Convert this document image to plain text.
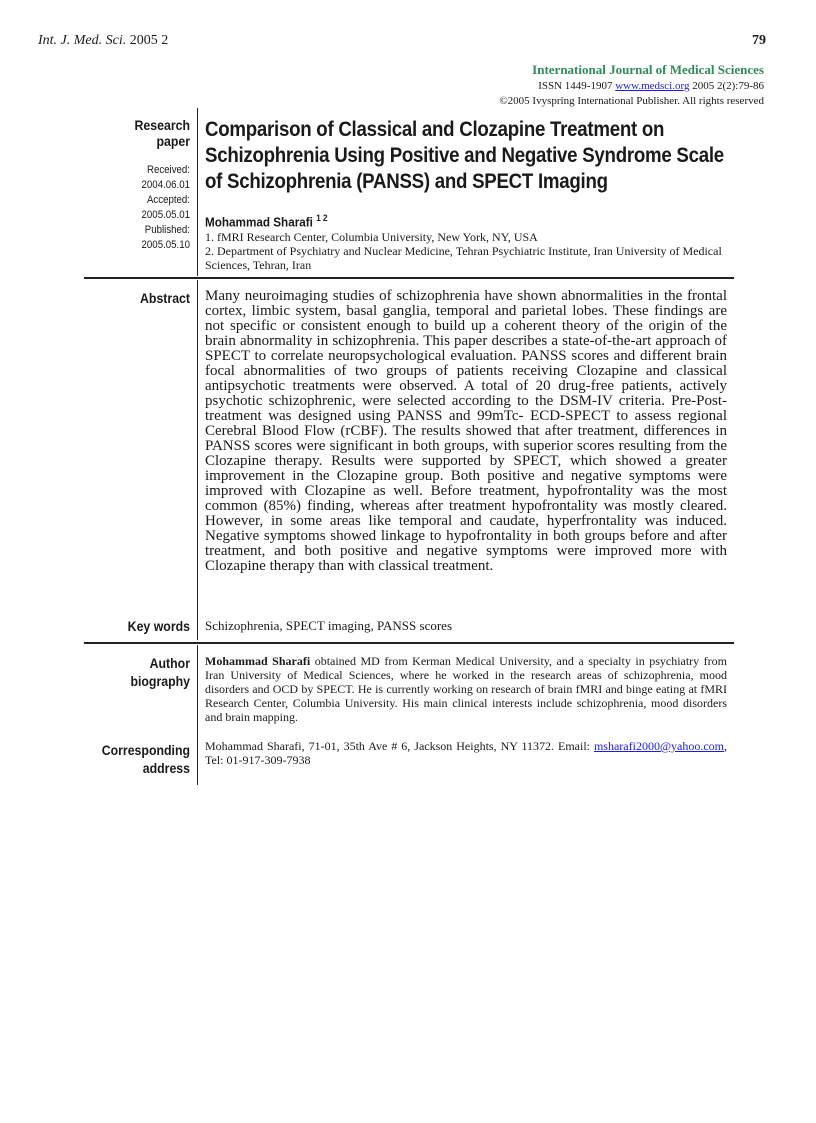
Int. J. Med. Sci. 2005 2	79
International Journal of Medical Sciences
ISSN 1449-1907 www.medsci.org 2005 2(2):79-86
©2005 Ivyspring International Publisher. All rights reserved
Research paper
Received: 2004.06.01
Accepted: 2005.05.01
Published: 2005.05.10
Comparison of Classical and Clozapine Treatment on Schizophrenia Using Positive and Negative Syndrome Scale of Schizophrenia (PANSS) and SPECT Imaging
Mohammad Sharafi $^{1 2}$
1. fMRI Research Center, Columbia University, New York, NY, USA
2. Department of Psychiatry and Nuclear Medicine, Tehran Psychiatric Institute, Iran University of Medical Sciences, Tehran, Iran
Abstract Many neuroimaging studies of schizophrenia have shown abnormalities in the frontal cortex, limbic system, basal ganglia, temporal and parietal lobes. These findings are not specific or consistent enough to build up a coherent theory of the origin of the brain abnormality in schizophrenia. This paper describes a state-of-the-art approach of SPECT to correlate neuropsychological evaluation. PANSS scores and different brain focal abnormalities of two groups of patients receiving Clozapine and classical antipsychotic treatments were observed. A total of 20 drug-free patients, actively psychotic schizophrenic, were selected according to the DSM-IV criteria. Pre-Post-treatment was designed using PANSS and 99mTc- ECD-SPECT to assess regional Cerebral Blood Flow (rCBF). The results showed that after treatment, differences in PANSS scores were significant in both groups, with superior scores resulting from the Clozapine therapy. Results were supported by SPECT, which showed a greater improvement in the Clozapine group. Both positive and negative symptoms were improved with Clozapine as well. Before treatment, hypofrontality was the most common (85%) finding, whereas after treatment hypofrontality was mostly cleared. However, in some areas like temporal and caudate, hyperfrontality was induced. Negative symptoms showed linkage to hypofrontality in both groups before and after treatment, and both positive and negative symptoms were improved more with Clozapine therapy than with classical treatment.

Key words Schizophrenia, SPECT imaging, PANSS scores
Author
biography

Mohammad Sharafi obtained MD from Kerman Medical University, and a specialty in psychiatry from Iran University of Medical Sciences, where he worked in the research areas of schizophrenia, mood disorders and OCD by SPECT. He is currently working on research of brain fMRI and binge eating at fMRI Research Center, Columbia University. His main clinical interests include schizophrenia, mood disorders and brain mapping.

Corresponding
address

Mohammad Sharafi, 71-01, 35th Ave # 6, Jackson Heights, NY 11372. Email: msharafi2000@yahoo.com, Tel: 01-917-309-7938
